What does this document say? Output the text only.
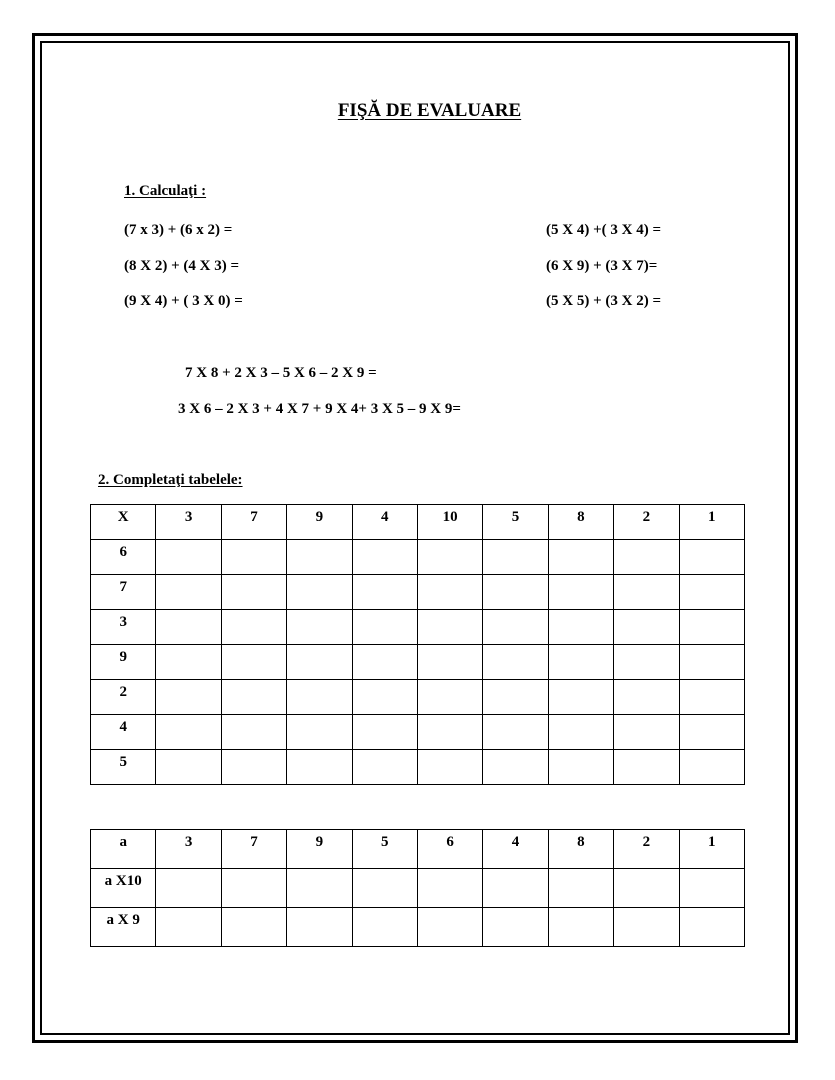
FIŞĂ DE EVALUARE
1. Calculaţi :
(7 x 3) + (6 x 2) =
(8 X 2) + (4 X 3) =
(9 X 4) + ( 3 X 0) =
(5 X 4) +( 3 X 4) =
(6 X 9) + (3 X 7)=
(5 X 5) + (3 X 2) =
7 X 8 + 2 X 3 – 5 X 6 – 2 X 9 =
3 X 6 – 2 X 3 + 4 X 7 + 9 X 4+ 3 X 5 – 9 X 9=
2. Completaţi tabelele:
X	3	7	9	4	10	5	8	2	1
6									
7									
3									
9									
2									
4									
5									
a	3	7	9	5	6	4	8	2	1
a X10									
a X 9									
